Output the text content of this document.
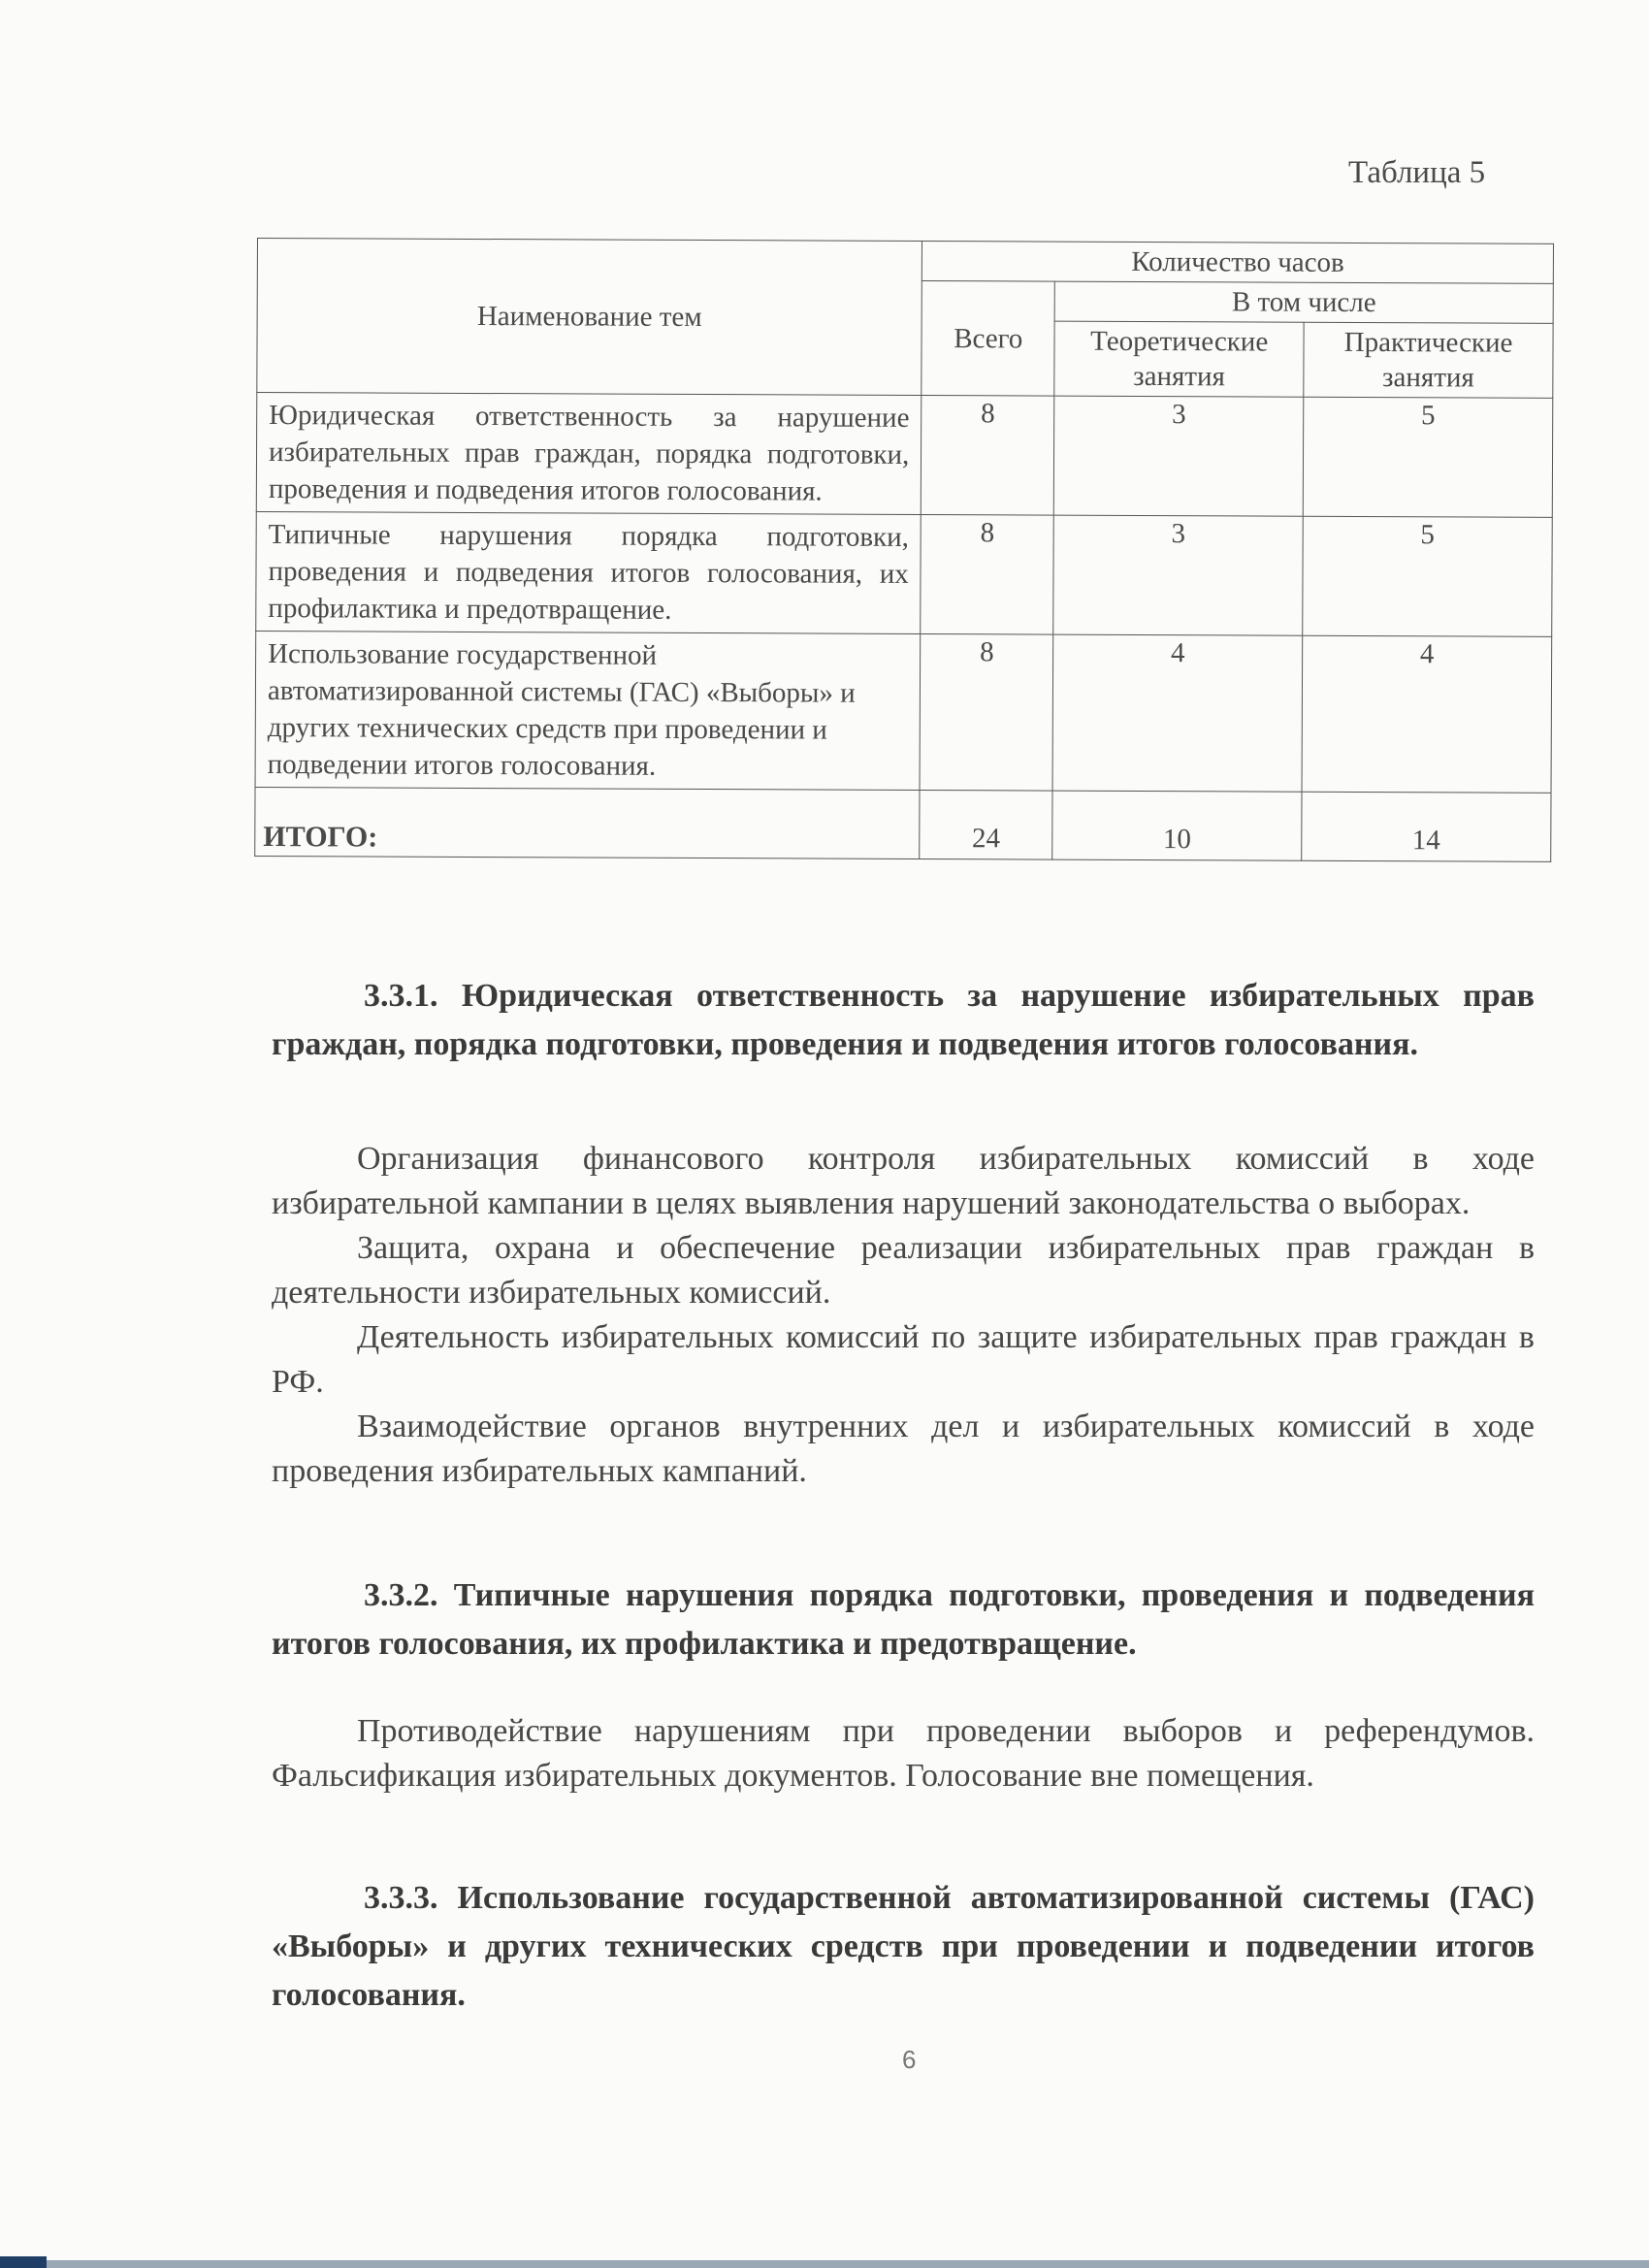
Таблица 5
Наименование тем	Количество часов		
	Всего	В том числе	
		Теоретические занятия	Практические занятия
Юридическая ответственность за нарушение избирательных прав граждан, порядка подготовки, проведения и подведения итогов голосования.	8	3	5
Типичные нарушения порядка подготовки, проведения и подведения итогов голосования, их профилактика и предотвращение.	8	3	5
Использование государственной автоматизированной системы (ГАС) «Выборы» и других технических средств при проведении и подведении итогов голосования.	8	4	4
ИТОГО:	24	10	14
3.3.1. Юридическая ответственность за нарушение избирательных прав граждан, порядка подготовки, проведения и подведения итогов голосования.

Организация финансового контроля избирательных комиссий в ходе избирательной кампании в целях выявления нарушений законодательства о выборах.

Защита, охрана и обеспечение реализации избирательных прав граждан в деятельности избирательных комиссий.

Деятельность избирательных комиссий по защите избирательных прав граждан в РФ.

Взаимодействие органов внутренних дел и избирательных комиссий в ходе проведения избирательных кампаний.

3.3.2. Типичные нарушения порядка подготовки, проведения и подведения итогов голосования, их профилактика и предотвращение.

Противодействие нарушениям при проведении выборов и референдумов. Фальсификация избирательных документов. Голосование вне помещения.

3.3.3. Использование государственной автоматизированной системы (ГАС) «Выборы» и других технических средств при проведении и подведении итогов голосования.
6
